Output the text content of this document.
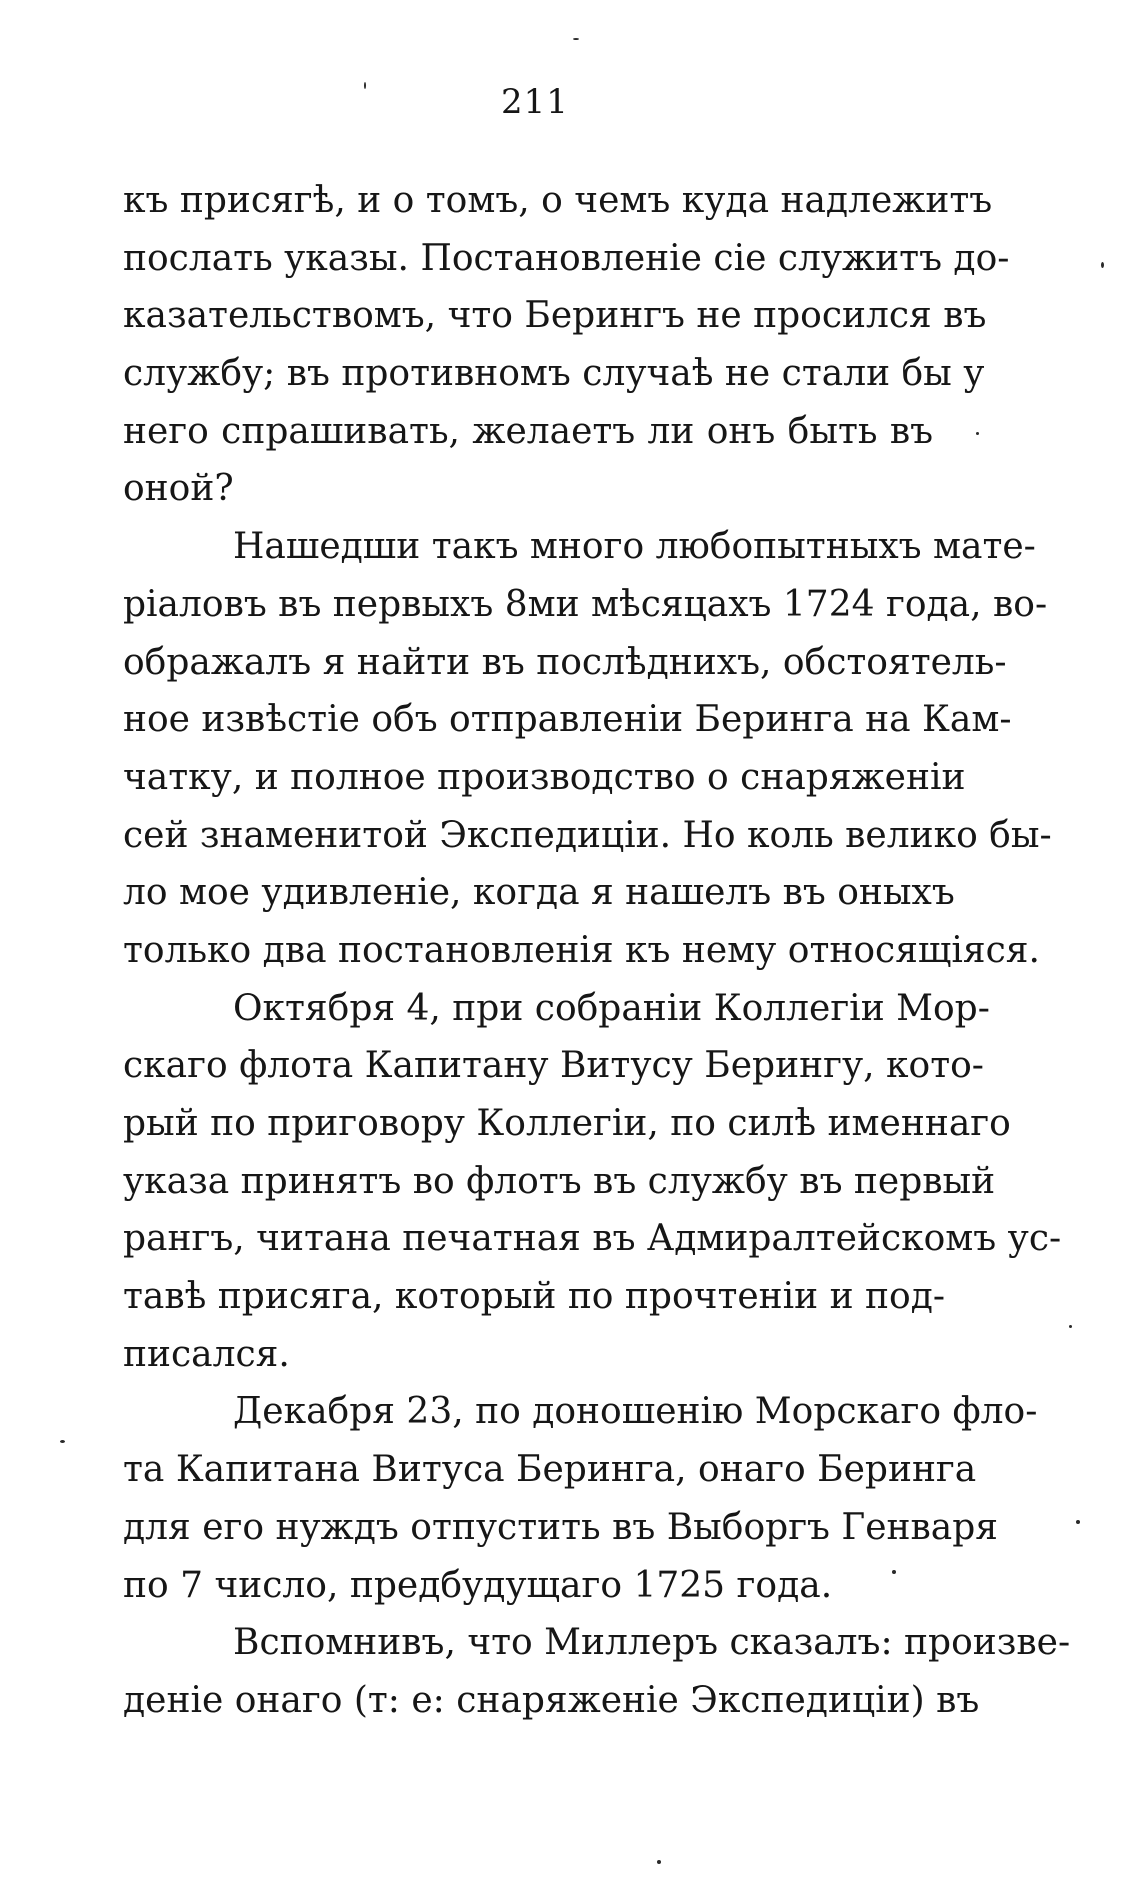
211
къ присягѣ, и о томъ, о чемъ куда надлежитъ
послать указы. Постановленіе сіе служитъ до-
казательствомъ, что Берингъ не просился въ
службу; въ противномъ случаѣ не стали бы у
него спрашивать, желаетъ ли онъ быть въ
оной?
Нашедши такъ много любопытныхъ мате-
ріаловъ въ первыхъ 8ми мѣсяцахъ 1724 года, во-
ображалъ я найти въ послѣднихъ, обстоятель-
ное извѣстіе объ отправленіи Беринга на Кам-
чатку, и полное производство о снаряженіи
сей знаменитой Экспедиціи. Но коль велико бы-
ло мое удивленіе, когда я нашелъ въ оныхъ
только два постановленія къ нему относящіяся.
Октября 4, при собраніи Коллегіи Мор-
скаго флота Капитану Витусу Берингу, кото-
рый по приговору Коллегіи, по силѣ именнаго
указа принятъ во флотъ въ службу въ первый
рангъ, читана печатная въ Адмиралтейскомъ ус-
тавѣ присяга, который по прочтеніи и под-
писался.
Декабря 23, по доношенію Морскаго фло-
та Капитана Витуса Беринга, онаго Беринга
для его нуждъ отпустить въ Выборгъ Генваря
по 7 число, предбудущаго 1725 года.
Вспомнивъ, что Миллеръ сказалъ: произве-
деніе онаго (т: е: снаряженіе Экспедиціи) въ
